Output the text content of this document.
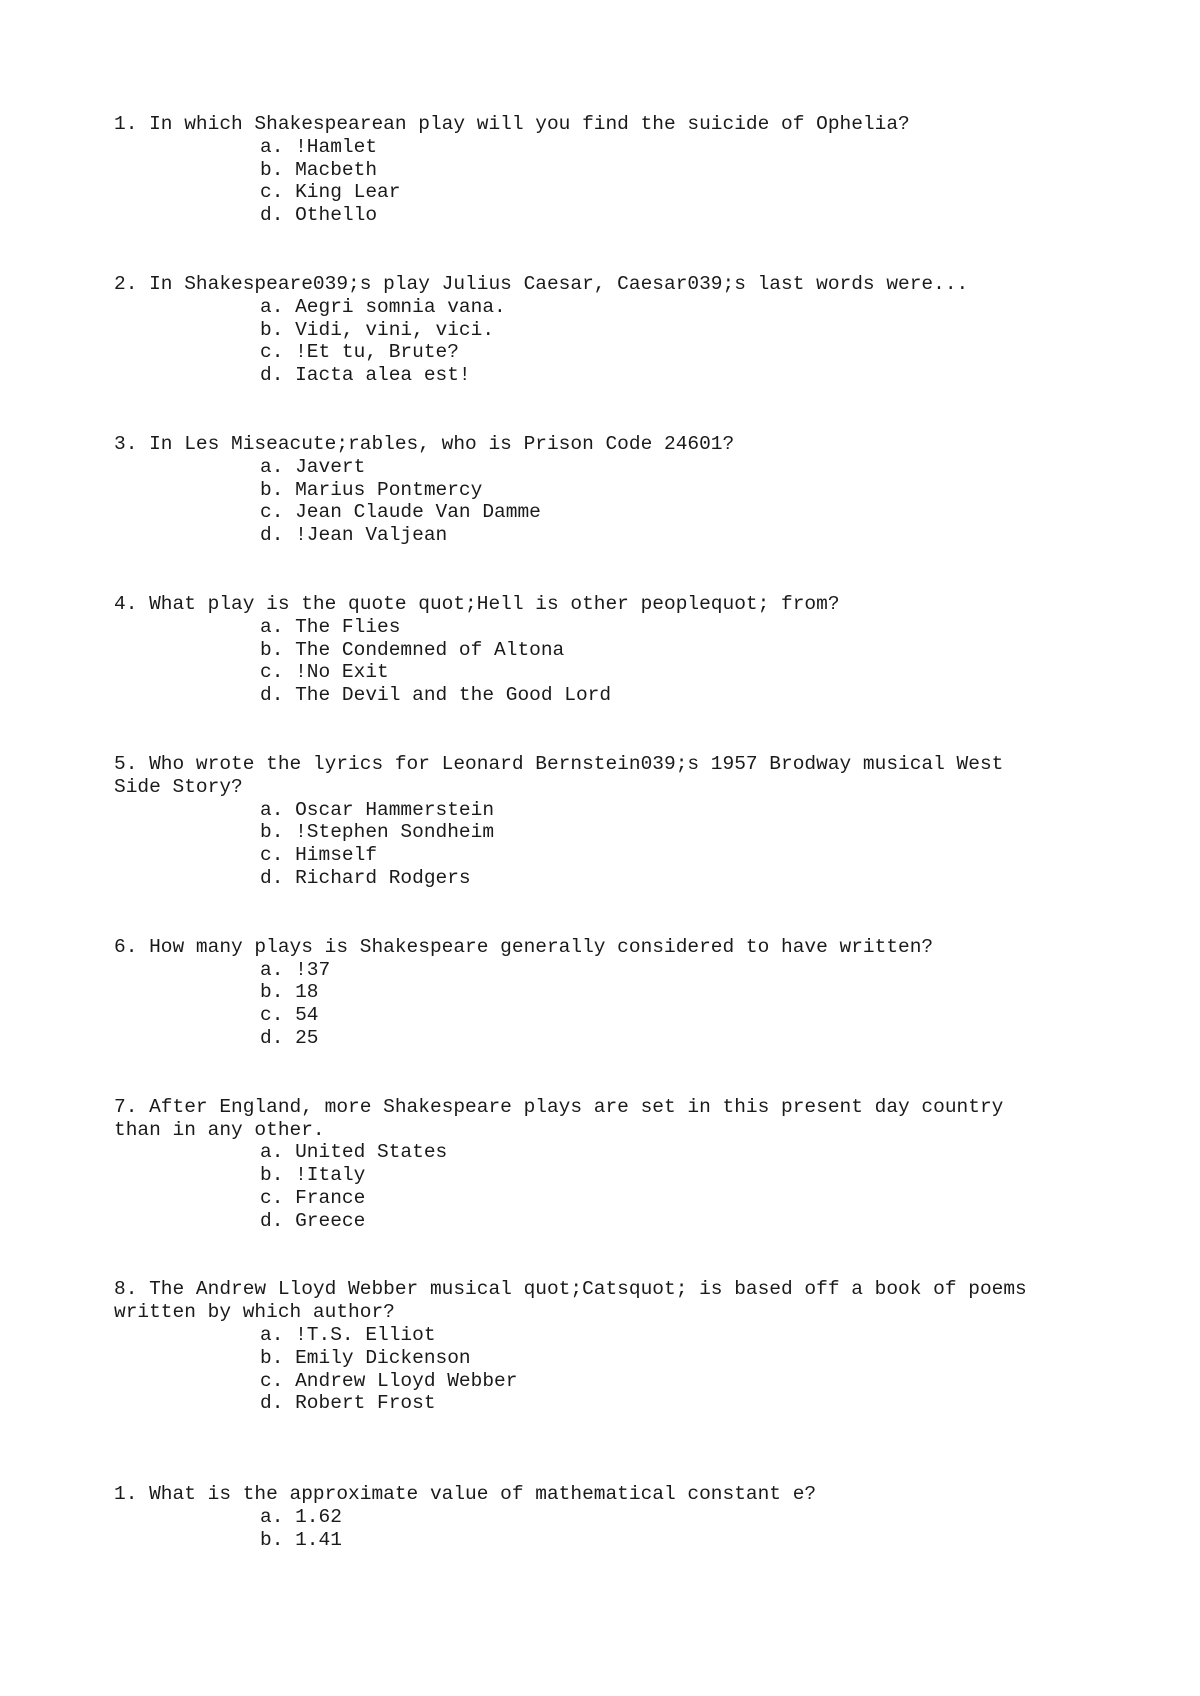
1. In which Shakespearean play will you find the suicide of Ophelia?

a. !Hamlet
b. Macbeth
c. King Lear
d. Othello

2. In Shakespeare039;s play Julius Caesar, Caesar039;s last words were...

a. Aegri somnia vana.
b. Vidi, vini, vici.
c. !Et tu, Brute?
d. Iacta alea est!

3. In Les Miseacute;rables, who is Prison Code 24601?

a. Javert
b. Marius Pontmercy
c. Jean Claude Van Damme
d. !Jean Valjean

4. What play is the quote quot;Hell is other peoplequot; from?

a. The Flies
b. The Condemned of Altona
c. !No Exit
d. The Devil and the Good Lord

5. Who wrote the lyrics for Leonard Bernstein039;s 1957 Brodway musical West
Side Story?

a. Oscar Hammerstein
b. !Stephen Sondheim
c. Himself
d. Richard Rodgers

6. How many plays is Shakespeare generally considered to have written?

a. !37
b. 18
c. 54
d. 25

7. After England, more Shakespeare plays are set in this present day country
than in any other.

a. United States
b. !Italy
c. France
d. Greece

8. The Andrew Lloyd Webber musical quot;Catsquot; is based off a book of poems
written by which author?

a. !T.S. Elliot
b. Emily Dickenson
c. Andrew Lloyd Webber
d. Robert Frost

1. What is the approximate value of mathematical constant e?

a. 1.62
b. 1.41
